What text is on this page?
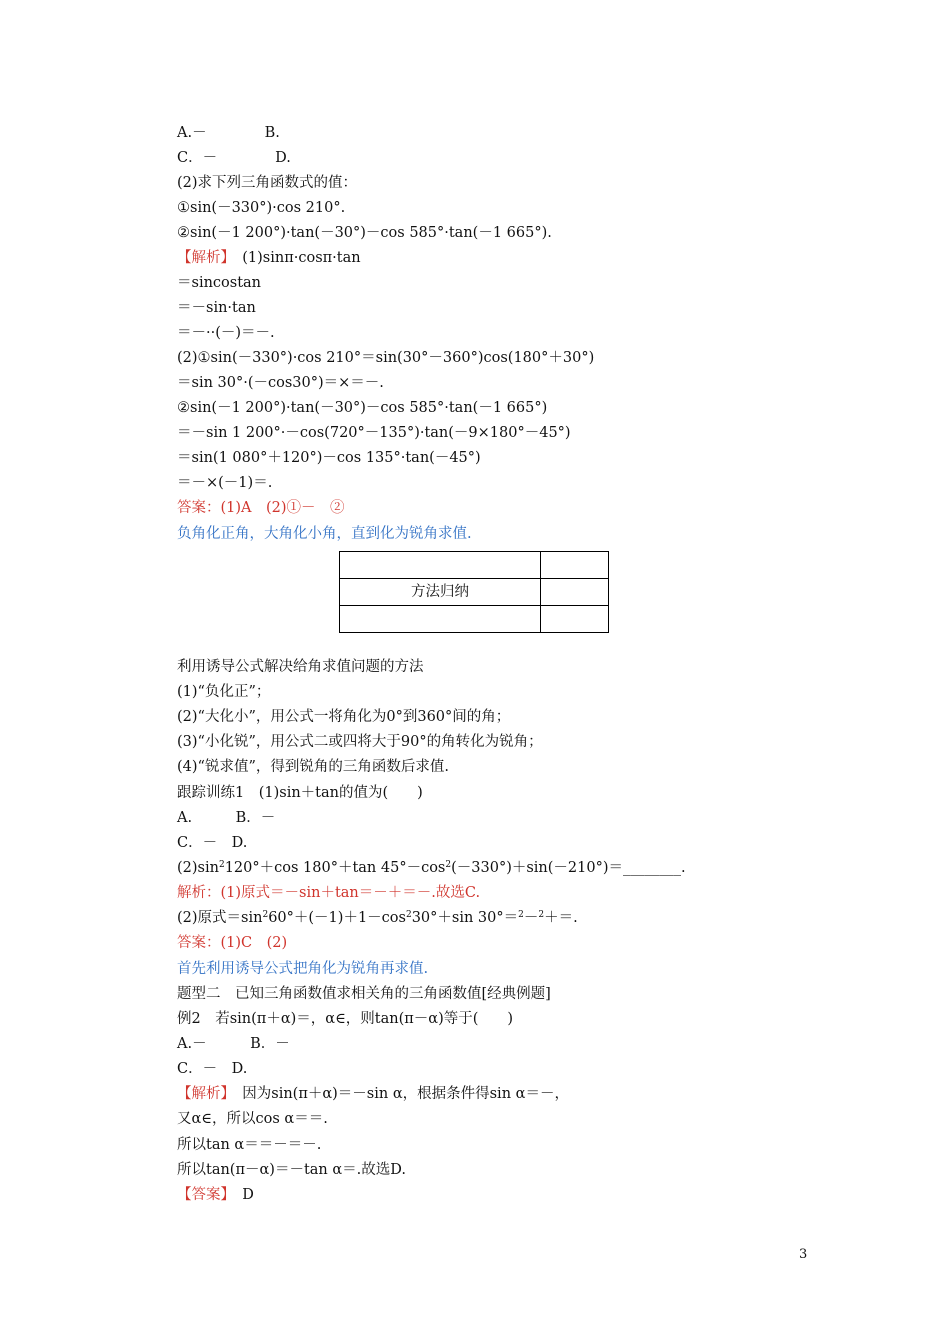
A.－　　　　B.
C．－　　　　D.
(2)求下列三角函数式的值：
①sin(－330°)·cos 210°.
②sin(－1 200°)·tan(－30°)－cos 585°·tan(－1 665°).
【解析】　 (1)sinπ·cosπ·tan
＝sincostan
＝－sin·tan
＝－··(－)＝－.
(2)①sin(－330°)·cos 210°＝sin(30°－360°)cos(180°＋30°)
＝sin 30°·(－cos30°)＝×＝－.
②sin(－1 200°)·tan(－30°)－cos 585°·tan(－1 665°)
＝－sin 1 200°·－cos(720°－135°)·tan(－9×180°－45°)
＝sin(1 080°＋120°)－cos 135°·tan(－45°)
＝－×(－1)＝.
答案：(1)A　(2)①－　②
负角化正角，大角化小角，直到化为锐角求值.
方法归纳
利用诱导公式解决给角求值问题的方法
(1)“负化正”；
(2)“大化小”，用公式一将角化为0°到360°间的角；
(3)“小化锐”，用公式二或四将大于90°的角转化为锐角；
(4)“锐求值”，得到锐角的三角函数后求值.
跟踪训练1　(1)sin＋tan的值为(　　)
A.　　　B．－
C．－　D.
$(2)\sin^2120^\circ+\cos$ 180°＋tan $45^\circ-\cos^2(-330^\circ)+\sin(-210^\circ)=\_\_\_\_\_\_\_\_$.
解析：(1)原式＝－sin＋tan＝－＋＝－.故选C.
(2)原式$=\sin^260^\circ+(-1)+1-\cos^230^\circ+\sin$ 30°＝$^2$－$^2$＋＝.
答案：(1)C　(2)
首先利用诱导公式把角化为锐角再求值.
题型二　已知三角函数值求相关角的三角函数值[经典例题]
例2　若sin(π＋α)＝，α∈，则tan(π－α)等于(　　)
A.－　　　B．－
C．－　D.
【解析】　 因为sin(π＋α)＝－sin α，根据条件得sin α＝－，
又α∈，所以cos α＝＝.
所以tan α＝＝－＝－.
所以tan(π－α)＝－tan α＝.故选D.
【答案】　 D
3
